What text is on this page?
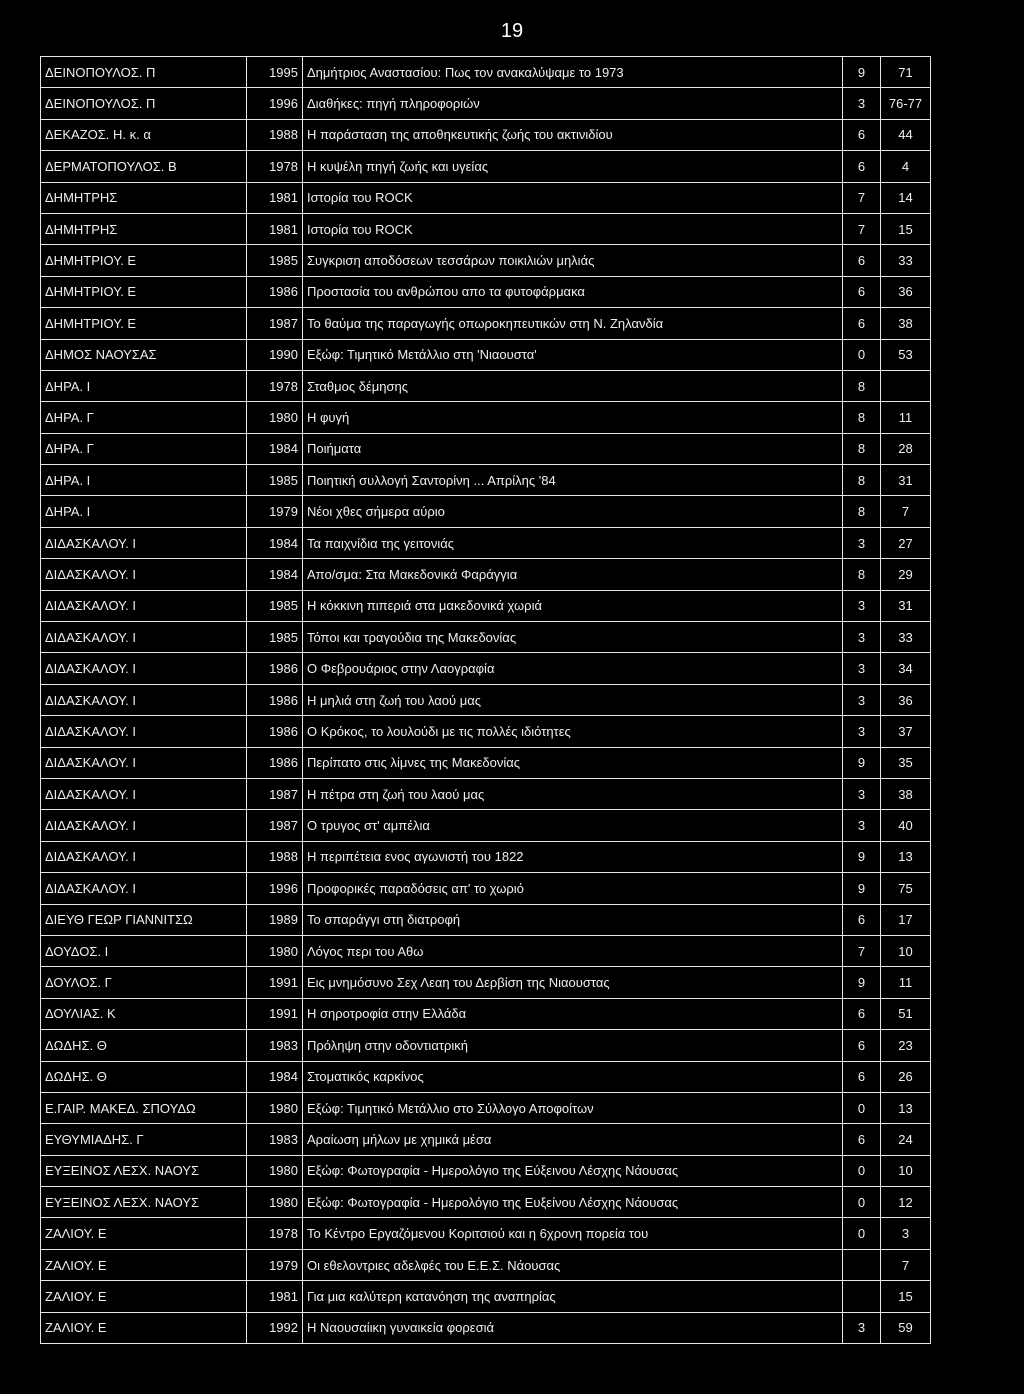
19
ΔΕΙΝΟΠΟΥΛΟΣ. Π	1995	Δημήτριος Αναστασίου: Πως τον ανακαλύψαμε το 1973	9	71
ΔΕΙΝΟΠΟΥΛΟΣ. Π	1996	Διαθήκες: πηγή πληροφοριών	3	76-77
ΔΕΚΑΖΟΣ. Η. κ. α	1988	Η παράσταση της αποθηκευτικής ζωής του ακτινιδίου	6	44
ΔΕΡΜΑΤΟΠΟΥΛΟΣ. Β	1978	Η κυψέλη πηγή ζωής και υγείας	6	4
ΔΗΜΗΤΡΗΣ	1981	Ιστορία του ROCK	7	14
ΔΗΜΗΤΡΗΣ	1981	Ιστορία του ROCK	7	15
ΔΗΜΗΤΡΙΟΥ. Ε	1985	Συγκριση αποδόσεων τεσσάρων ποικιλιών μηλιάς	6	33
ΔΗΜΗΤΡΙΟΥ. Ε	1986	Προστασία του ανθρώπου απο τα φυτοφάρμακα	6	36
ΔΗΜΗΤΡΙΟΥ. Ε	1987	Το θαύμα της παραγωγής οπωροκηπευτικών στη Ν. Ζηλανδία	6	38
ΔΗΜΟΣ ΝΑΟΥΣΑΣ	1990	Εξώφ: Τιμητικό Μετάλλιο στη 'Νιαουστα'	0	53
ΔΗΡΑ. Ι	1978	Σταθμος δέμησης	8	
ΔΗΡΑ. Γ	1980	Η φυγή	8	11
ΔΗΡΑ. Γ	1984	Ποιήματα	8	28
ΔΗΡΑ. Ι	1985	Ποιητική συλλογή Σαντορίνη ... Απρίλης '84	8	31
ΔΗΡΑ. Ι	1979	Νέοι χθες σήμερα αύριο	8	7
ΔΙΔΑΣΚΑΛΟΥ. Ι	1984	Τα παιχνίδια της γειτονιάς	3	27
ΔΙΔΑΣΚΑΛΟΥ. Ι	1984	Απο/σμα: Στα Μακεδονικά Φαράγγια	8	29
ΔΙΔΑΣΚΑΛΟΥ. Ι	1985	Η κόκκινη πιπεριά στα μακεδονικά χωριά	3	31
ΔΙΔΑΣΚΑΛΟΥ. Ι	1985	Τόποι και τραγούδια της Μακεδονίας	3	33
ΔΙΔΑΣΚΑΛΟΥ. Ι	1986	Ο Φεβρουάριος στην Λαογραφία	3	34
ΔΙΔΑΣΚΑΛΟΥ. Ι	1986	Η μηλιά στη ζωή του λαού μας	3	36
ΔΙΔΑΣΚΑΛΟΥ. Ι	1986	Ο Κρόκος, το λουλούδι με τις πολλές ιδιότητες	3	37
ΔΙΔΑΣΚΑΛΟΥ. Ι	1986	Περίπατο στις λίμνες της Μακεδονίας	9	35
ΔΙΔΑΣΚΑΛΟΥ. Ι	1987	Η πέτρα στη ζωή του λαού μας	3	38
ΔΙΔΑΣΚΑΛΟΥ. Ι	1987	Ο τρυγος στ' αμπέλια	3	40
ΔΙΔΑΣΚΑΛΟΥ. Ι	1988	Η περιπέτεια ενος αγωνιστή του 1822	9	13
ΔΙΔΑΣΚΑΛΟΥ. Ι	1996	Προφορικές παραδόσεις απ' το χωριό	9	75
ΔΙΕΥΘ ΓΕΩΡ ΓΙΑΝΝΙΤΣΩ	1989	Το σπαράγγι στη διατροφή	6	17
ΔΟΥΔΟΣ. Ι	1980	Λόγος περι του Αθω	7	10
ΔΟΥΛΟΣ. Γ	1991	Εις μνημόσυνο Σεχ Λεαη του Δερβίση της Νιαουστας	9	11
ΔΟΥΛΙΑΣ. Κ	1991	Η σηροτροφία στην Ελλάδα	6	51
ΔΩΔΗΣ. Θ	1983	Πρόληψη στην οδοντιατρική	6	23
ΔΩΔΗΣ. Θ	1984	Στοματικός καρκίνος	6	26
Ε.ΓΑΙΡ. ΜΑΚΕΔ. ΣΠΟΥΔΩ	1980	Εξώφ: Τιμητικό Μετάλλιο στο Σύλλογο Αποφοίτων	0	13
ΕΥΘΥΜΙΑΔΗΣ. Γ	1983	Αραίωση μήλων με χημικά μέσα	6	24
ΕΥΞΕΙΝΟΣ ΛΕΣΧ. ΝΑΟΥΣ	1980	Εξώφ: Φωτογραφία - Ημερολόγιο της Εύξεινου Λέσχης Νάουσας	0	10
ΕΥΞΕΙΝΟΣ ΛΕΣΧ. ΝΑΟΥΣ	1980	Εξώφ: Φωτογραφία - Ημερολόγιο της Ευξείνου Λέσχης Νάουσας	0	12
ΖΑΛΙΟΥ. Ε	1978	Το Κέντρο Εργαζόμενου Κοριτσιού και η 6χρονη πορεία του	0	3
ΖΑΛΙΟΥ. Ε	1979	Οι εθελοντριες αδελφές του Ε.Ε.Σ. Νάουσας		7
ΖΑΛΙΟΥ. Ε	1981	Για μια καλύτερη κατανόηση της αναπηρίας		15
ΖΑΛΙΟΥ. Ε	1992	Η Ναουσαίικη γυναικεία φορεσιά	3	59
